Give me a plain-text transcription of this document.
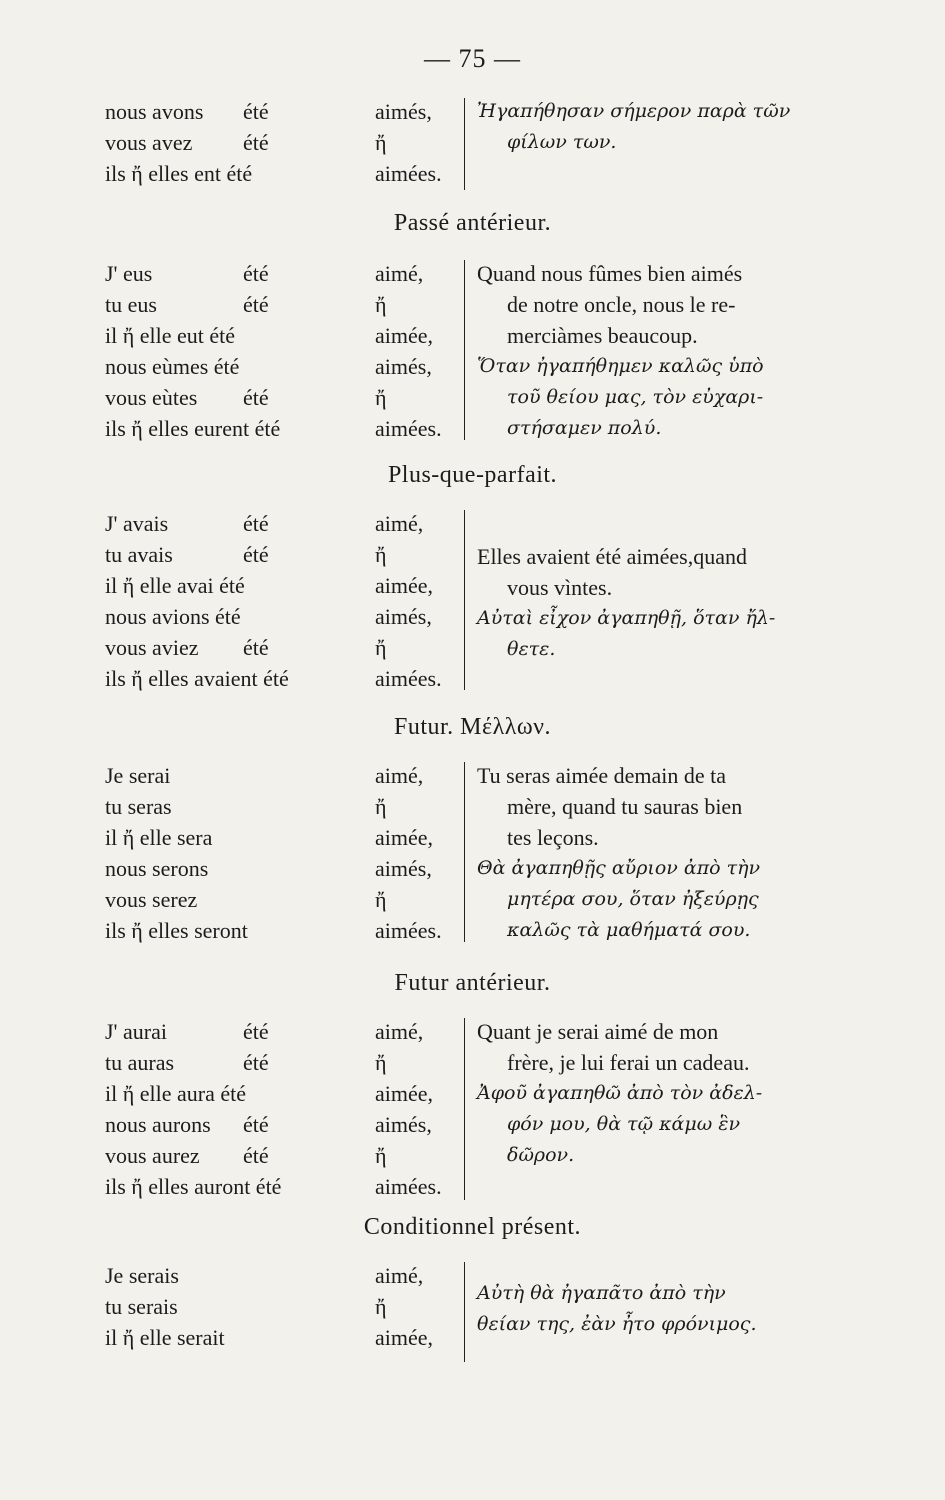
— 75 —
nous avons été	aimés,
vous avez été	ἤ
ils ἤ elles ent été	aimées.
Ἠγαπήθησαν σήμερον παρὰ τῶν
φίλων των.
Passé antérieur.
J' eus	été	aimé,
tu eus	été	ἤ
il ἤ elle eut été	aimée,
nous eùmes été	aimés,
vous eùtes été	ἤ
ils ἤ elles eurent été	aimées.
Quand nous fûmes bien aimés
de notre oncle, nous le re-
merciàmes beaucoup.
Ὅταν ἠγαπήθημεν καλῶς ὑπὸ
τοῦ θείου μας, τὸν εὐχαρι-
στήσαμεν πολύ.
Plus-que-parfait.
J' avais	été	aimé,
tu avais	été	ἤ
il ἤ elle avai été	aimée,
nous avions été	aimés,
vous aviez été	ἤ
ils ἤ elles avaient été	aimées.
Elles avaient été aimées,quand
vous vìntes.
Αὐταὶ εἶχον ἀγαπηθῇ, ὅταν ἤλ-
θετε.
Futur. Μέλλων.
Je serai	aimé,
tu seras	ἤ
il ἤ elle sera	aimée,
nous serons	aimés,
vous serez	ἤ
ils ἤ elles seront	aimées.
Tu seras aimée demain de ta
mère, quand tu sauras bien
tes leçons.
Θὰ ἀγαπηθῇς αὔριον ἀπὸ τὴν
μητέρα σου, ὅταν ἠξεύρῃς
καλῶς τὰ μαθήματά σου.
Futur antérieur.
J' aurai	été	aimé,
tu auras	été	ἤ
il ἤ elle aura été	aimée,
nous aurons été	aimés,
vous aurez été	ἤ
ils ἤ elles auront été	aimées.
Quant je serai aimé de mon
frère, je lui ferai un cadeau.
Ἀφοῦ ἀγαπηθῶ ἀπὸ τὸν ἀδελ-
φόν μου, θὰ τῷ κάμω ἓν
δῶρον.
Conditionnel présent.
Je serais	aimé,
tu serais	ἤ
il ἤ elle serait	aimée,
Αὐτὴ θὰ ἠγαπᾶτο ἀπὸ τὴν
θείαν της, ἐὰν ἦτο φρόνιμος.
